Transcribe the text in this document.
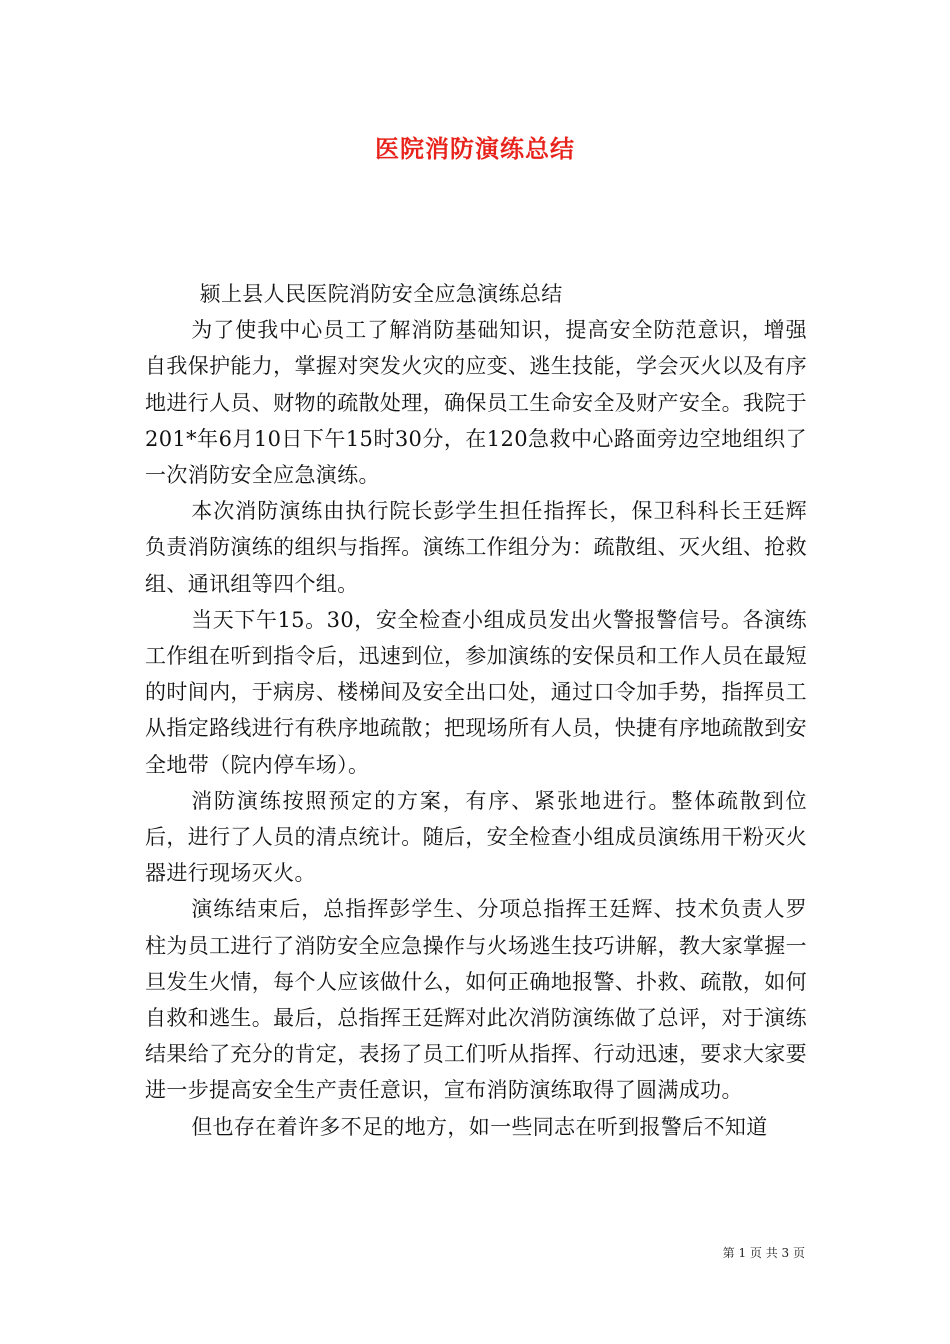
医院消防演练总结

颍上县人民医院消防安全应急演练总结

为了使我中心员工了解消防基础知识，提高安全防范意识，增强自我保护能力，掌握对突发火灾的应变、逃生技能，学会灭火以及有序地进行人员、财物的疏散处理，确保员工生命安全及财产安全。我院于201*年6月10日下午15时30分，在120急救中心路面旁边空地组织了一次消防安全应急演练。

本次消防演练由执行院长彭学生担任指挥长，保卫科科长王廷辉负责消防演练的组织与指挥。演练工作组分为：疏散组、灭火组、抢救组、通讯组等四个组。

当天下午15。30，安全检查小组成员发出火警报警信号。各演练工作组在听到指令后，迅速到位，参加演练的安保员和工作人员在最短的时间内，于病房、楼梯间及安全出口处，通过口令加手势，指挥员工从指定路线进行有秩序地疏散；把现场所有人员，快捷有序地疏散到安全地带（院内停车场）。

消防演练按照预定的方案，有序、紧张地进行。整体疏散到位后，进行了人员的清点统计。随后，安全检查小组成员演练用干粉灭火器进行现场灭火。

演练结束后，总指挥彭学生、分项总指挥王廷辉、技术负责人罗柱为员工进行了消防安全应急操作与火场逃生技巧讲解，教大家掌握一旦发生火情，每个人应该做什么，如何正确地报警、扑救、疏散，如何自救和逃生。最后，总指挥王廷辉对此次消防演练做了总评，对于演练结果给了充分的肯定，表扬了员工们听从指挥、行动迅速，要求大家要进一步提高安全生产责任意识，宣布消防演练取得了圆满成功。

但也存在着许多不足的地方，如一些同志在听到报警后不知道

第 1 页 共 3 页
